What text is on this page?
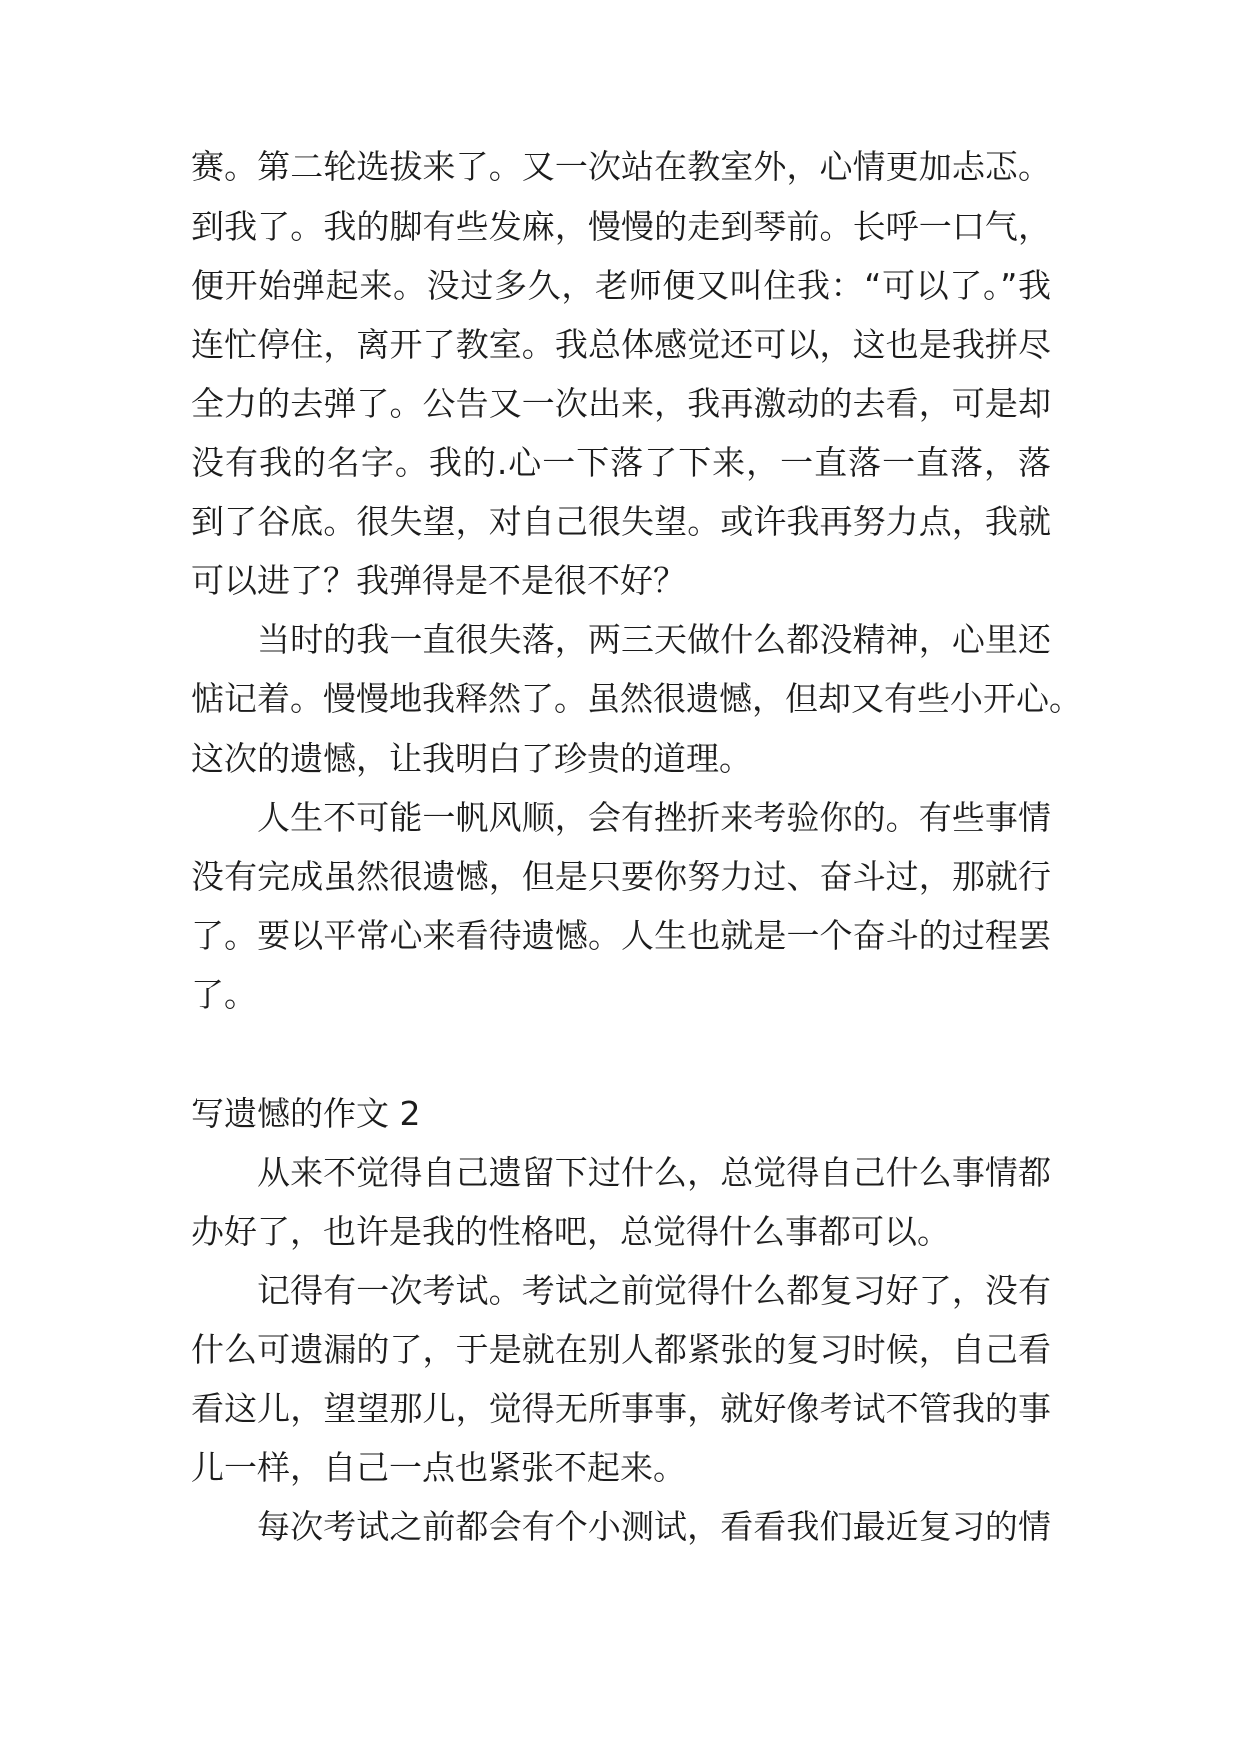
赛。第二轮选拔来了。又一次站在教室外，心情更加忐忑。
到我了。我的脚有些发麻，慢慢的走到琴前。长呼一口气，
便开始弹起来。没过多久，老师便又叫住我：“可以了。”我
连忙停住，离开了教室。我总体感觉还可以，这也是我拼尽
全力的去弹了。公告又一次出来，我再激动的去看，可是却
没有我的名字。我的.心一下落了下来，一直落一直落，落
到了谷底。很失望，对自己很失望。或许我再努力点，我就
可以进了？我弹得是不是很不好？
当时的我一直很失落，两三天做什么都没精神，心里还
惦记着。慢慢地我释然了。虽然很遗憾，但却又有些小开心。
这次的遗憾，让我明白了珍贵的道理。
人生不可能一帆风顺，会有挫折来考验你的。有些事情
没有完成虽然很遗憾，但是只要你努力过、奋斗过，那就行
了。要以平常心来看待遗憾。人生也就是一个奋斗的过程罢
了。
写遗憾的作文 2
从来不觉得自己遗留下过什么，总觉得自己什么事情都
办好了，也许是我的性格吧，总觉得什么事都可以。
记得有一次考试。考试之前觉得什么都复习好了，没有
什么可遗漏的了，于是就在别人都紧张的复习时候，自己看
看这儿，望望那儿，觉得无所事事，就好像考试不管我的事
儿一样，自己一点也紧张不起来。
每次考试之前都会有个小测试，看看我们最近复习的情
